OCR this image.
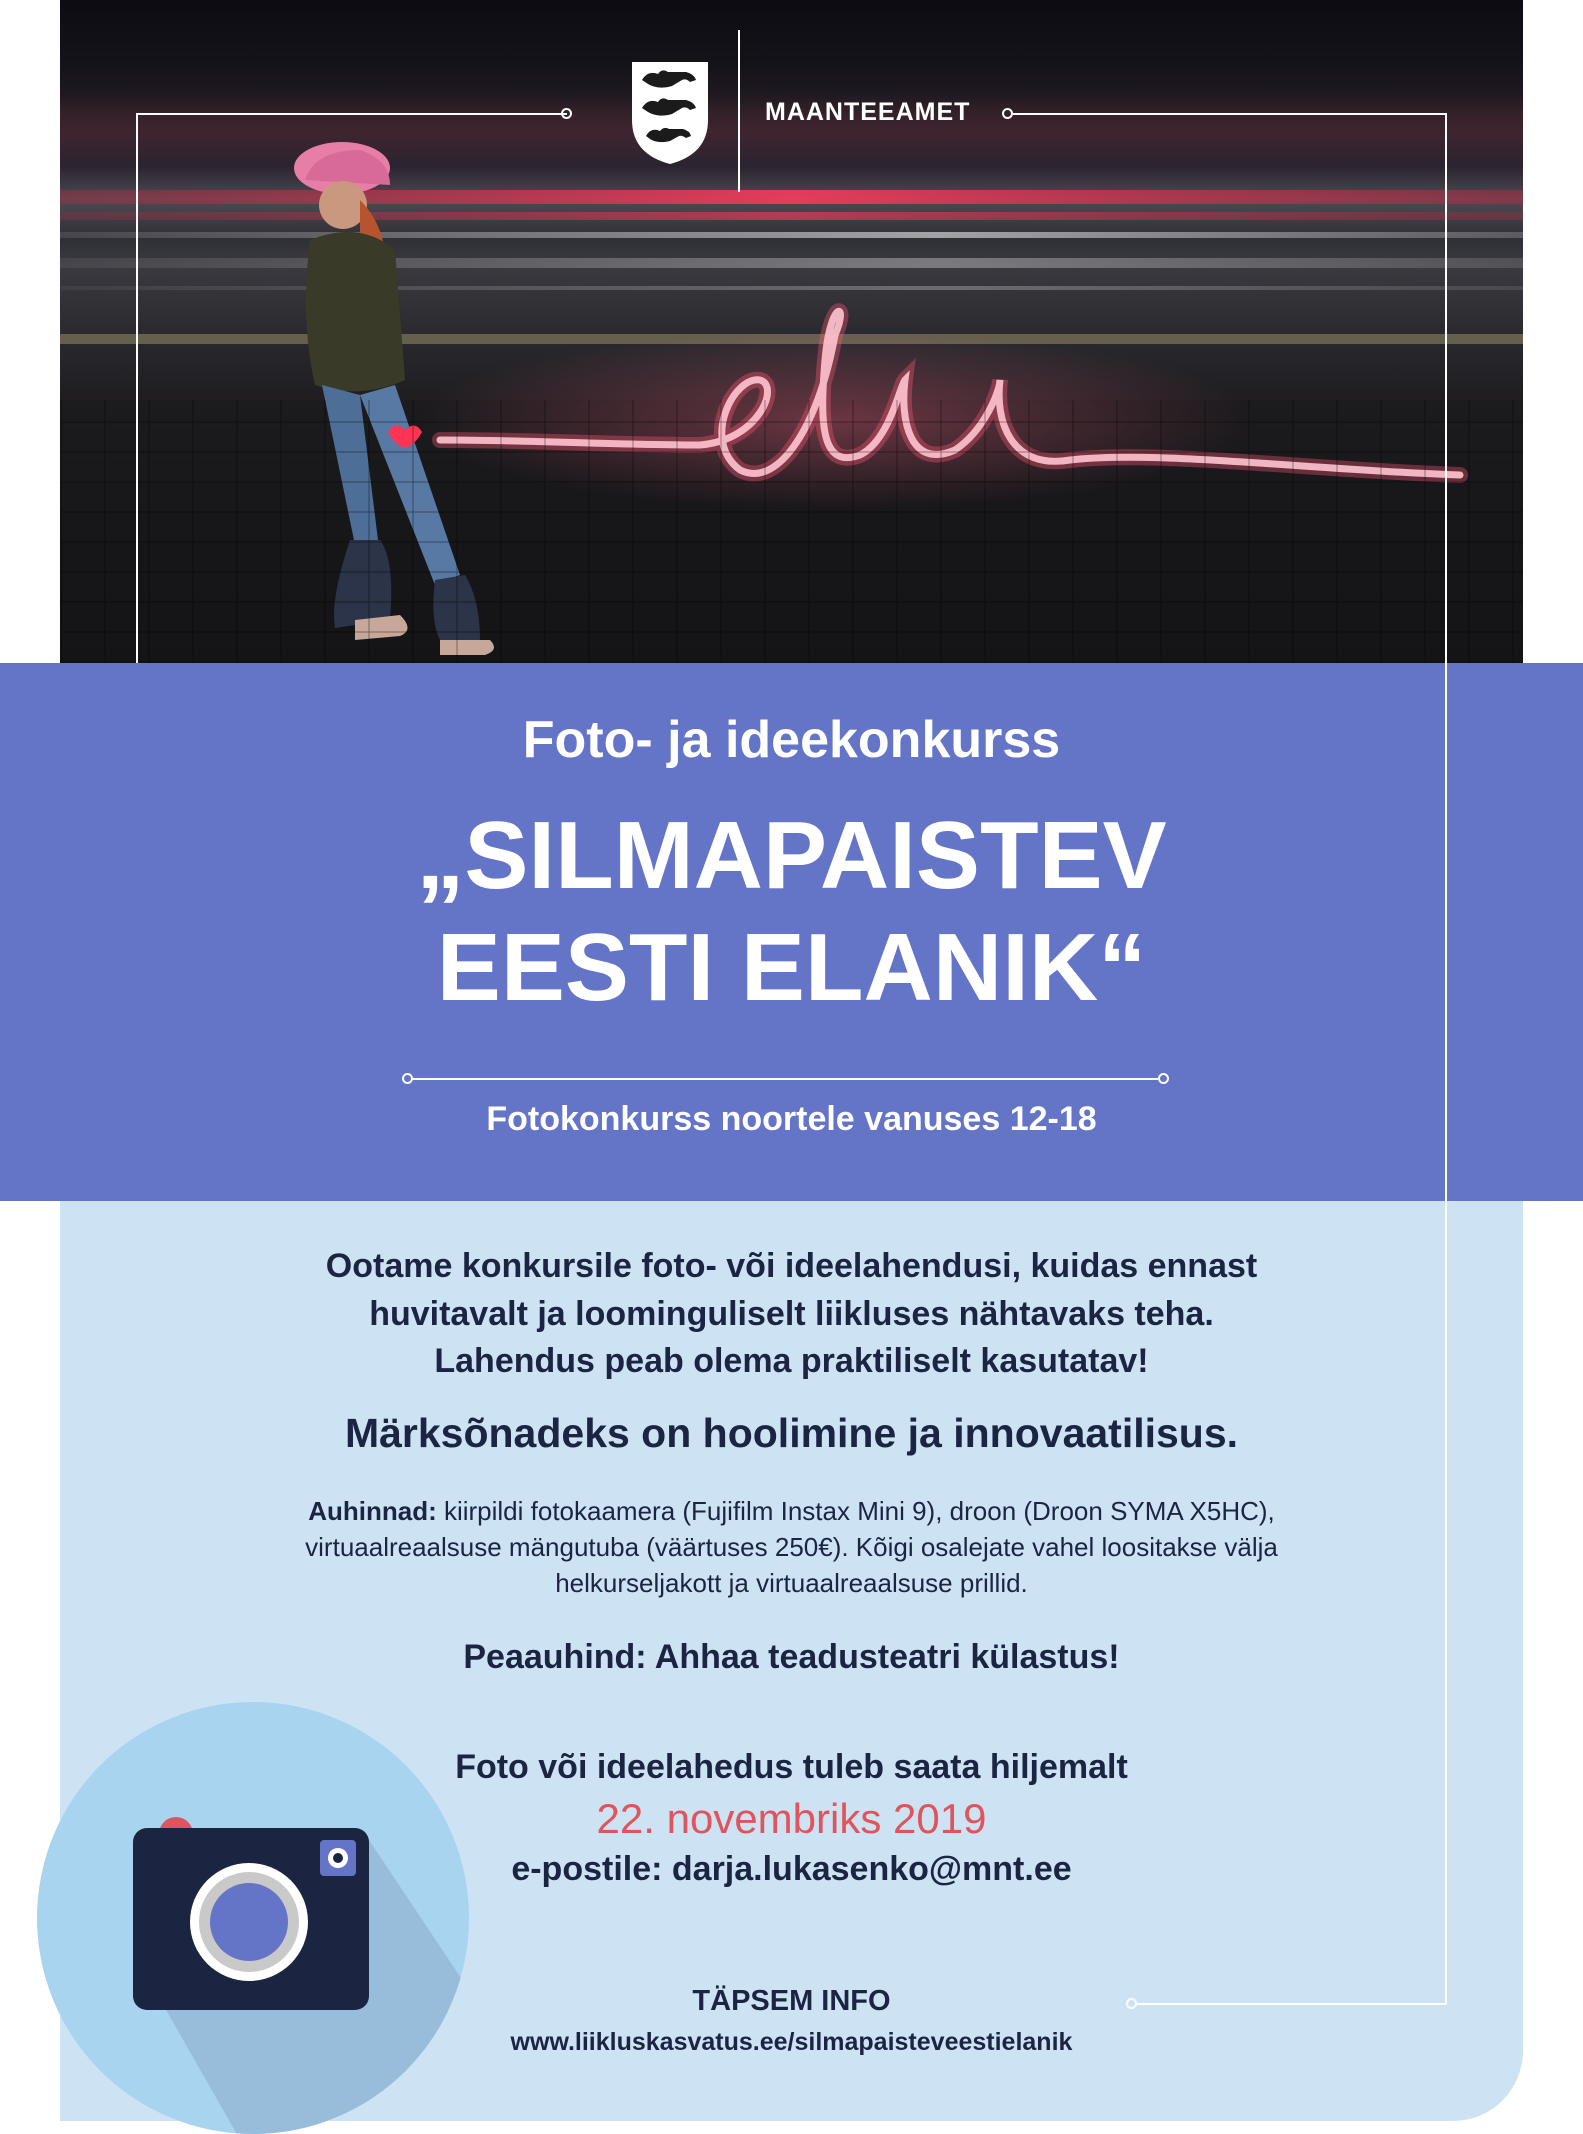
MAANTEEAMET
Foto- ja ideekonkurss
„SILMAPAISTEV
EESTI ELANIK“
Fotokonkurss noortele vanuses 12-18
Ootame konkursile foto- või ideelahendusi, kuidas ennast
huvitavalt ja loominguliselt liikluses nähtavaks teha.
Lahendus peab olema praktiliselt kasutatav!
Märksõnadeks on hoolimine ja innovaatilisus.
Auhinnad: kiirpildi fotokaamera (Fujifilm Instax Mini 9), droon (Droon SYMA X5HC),
virtuaalreaalsuse mängutuba (väärtuses 250€). Kõigi osalejate vahel loositakse välja
helkurseljakott ja virtuaalreaalsuse prillid.
Peaauhind: Ahhaa teadusteatri külastus!
Foto või ideelahedus tuleb saata hiljemalt
22. novembriks 2019
e-postile: darja.lukasenko@mnt.ee
TÄPSEM INFO
www.liikluskasvatus.ee/silmapaisteveestielanik
